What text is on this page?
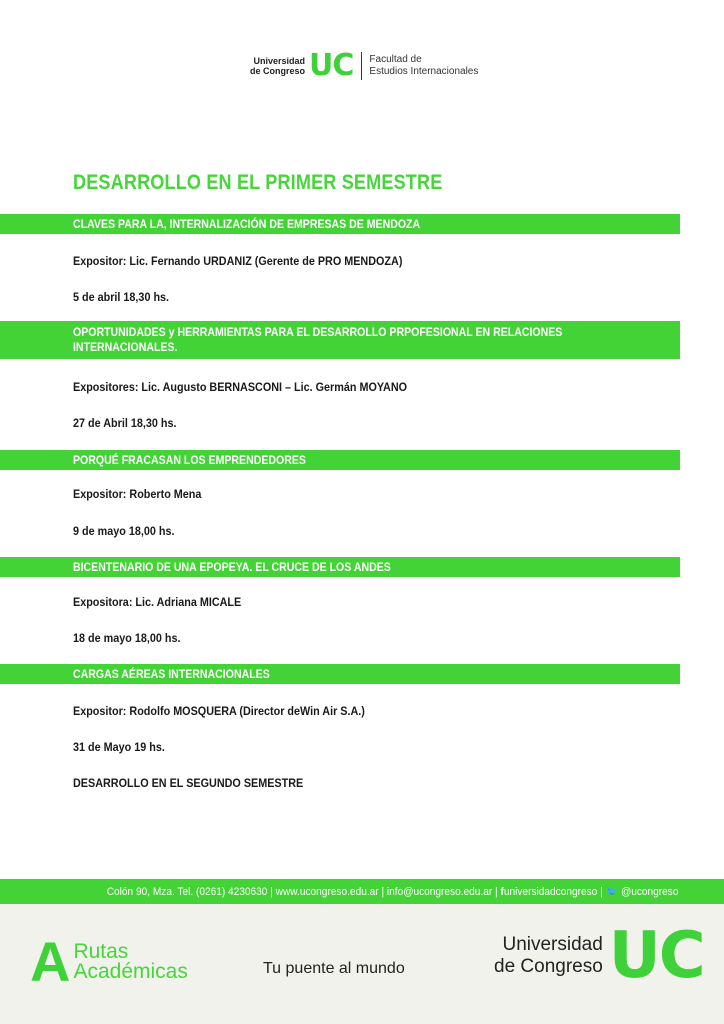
Universidad
de Congreso UC Facultad de
Estudios Internacionales
DESARROLLO EN EL PRIMER SEMESTRE
CLAVES PARA LA, INTERNALIZACIÓN DE EMPRESAS DE MENDOZA
Expositor: Lic. Fernando URDANIZ (Gerente de PRO MENDOZA)
5 de abril 18,30 hs.
OPORTUNIDADES y HERRAMIENTAS PARA EL DESARROLLO PRPOFESIONAL EN RELACIONES INTERNACIONALES.
Expositores: Lic. Augusto BERNASCONI – Lic. Germán MOYANO
27 de Abril 18,30 hs.
PORQUÉ FRACASAN LOS EMPRENDEDORES
Expositor: Roberto Mena
9 de mayo 18,00 hs.
BICENTENARIO DE UNA EPOPEYA. EL CRUCE DE LOS ANDES
Expositora: Lic. Adriana MICALE
18 de mayo 18,00 hs.
CARGAS AÉREAS INTERNACIONALES
Expositor: Rodolfo MOSQUERA (Director deWin Air S.A.)
31 de Mayo 19 hs.
DESARROLLO EN EL SEGUNDO SEMESTRE
Colón 90, Mza. Tel. (0261) 4230630 | www.ucongreso.edu.ar | info@ucongreso.edu.ar | funiversidadcongreso | 🐦 @ucongreso
A Rutas
Académicas	Tu puente al mundo
Universidad
de Congreso UC
